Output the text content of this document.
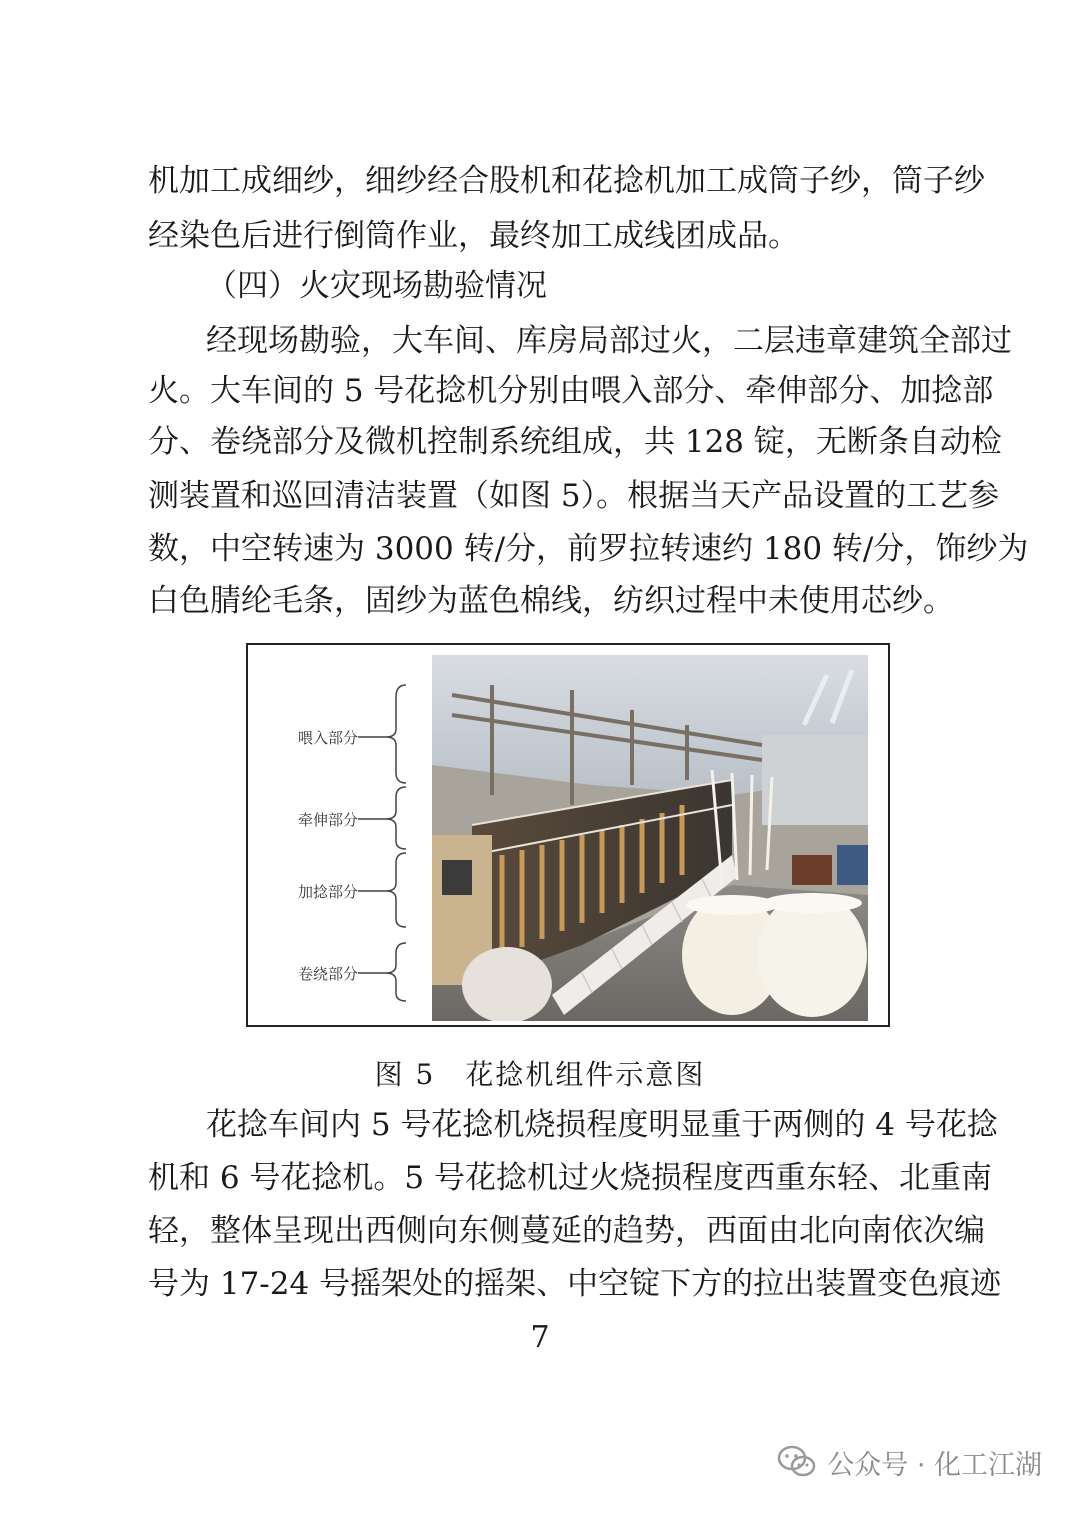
机加工成细纱，细纱经合股机和花捻机加工成筒子纱，筒子纱
经染色后进行倒筒作业，最终加工成线团成品。
（四）火灾现场勘验情况
经现场勘验，大车间、库房局部过火，二层违章建筑全部过
火。大车间的 5 号花捻机分别由喂入部分、牵伸部分、加捻部
分、卷绕部分及微机控制系统组成，共 128 锭，无断条自动检
测装置和巡回清洁装置（如图 5）。根据当天产品设置的工艺参
数，中空转速为 3000 转/分，前罗拉转速约 180 转/分，饰纱为
白色腈纶毛条，固纱为蓝色棉线，纺织过程中未使用芯纱。
喂入部分
牵伸部分
加捻部分
卷绕部分
图 5　花捻机组件示意图
花捻车间内 5 号花捻机烧损程度明显重于两侧的 4 号花捻
机和 6 号花捻机。5 号花捻机过火烧损程度西重东轻、北重南
轻，整体呈现出西侧向东侧蔓延的趋势，西面由北向南依次编
号为 17-24 号摇架处的摇架、中空锭下方的拉出装置变色痕迹
7
公众号 · 化工江湖
